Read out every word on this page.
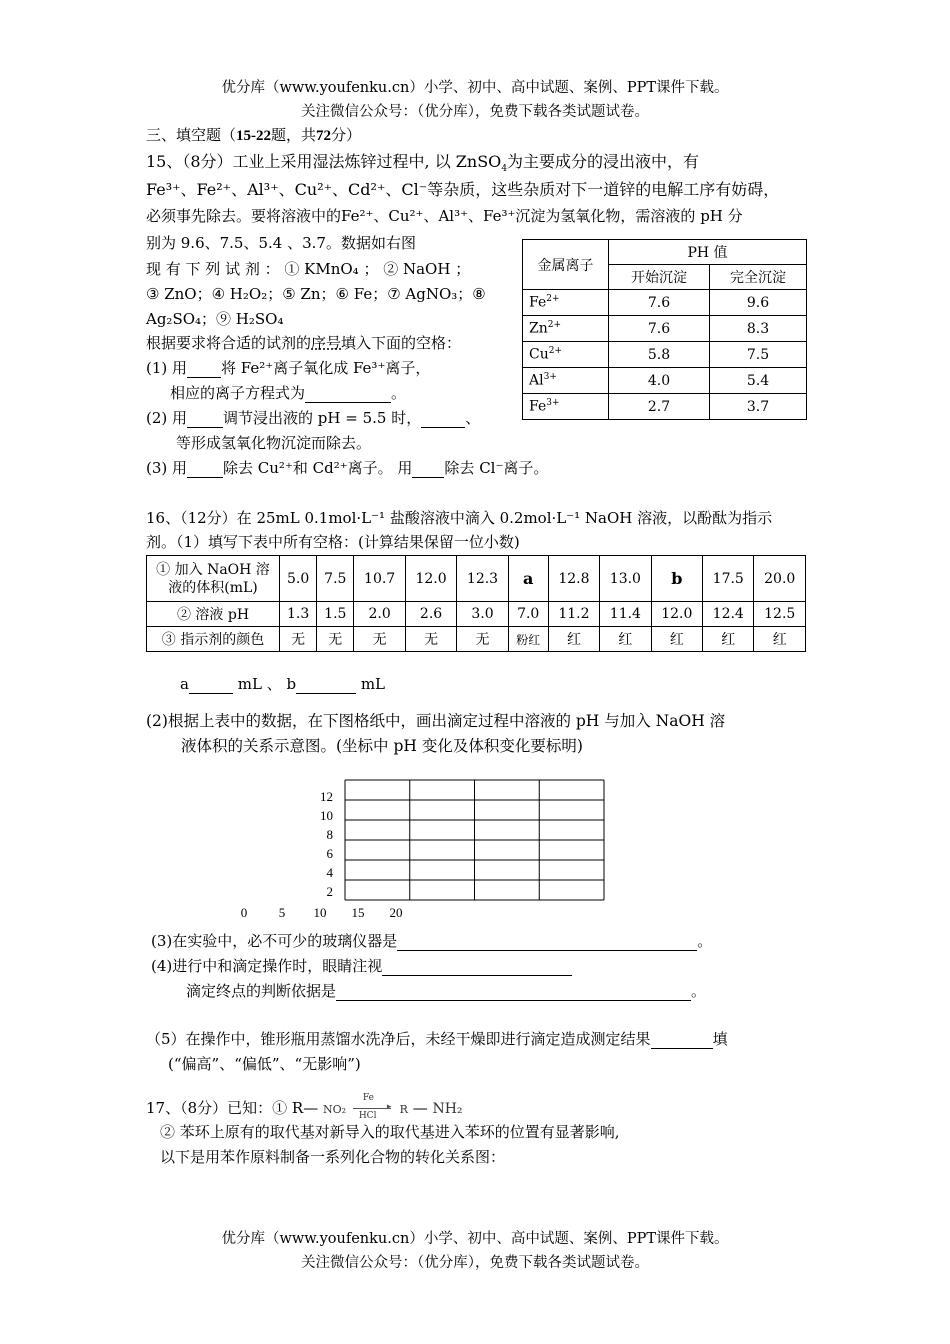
优分库（www.youfenku.cn）小学、初中、高中试题、案例、PPT课件下载。
关注微信公众号：（优分库），免费下载各类试题试卷。
三、填空题（15-22题，共72分）
15、（8分）工业上采用湿法炼锌过程中, 以 ZnSO$_4$为主要成分的浸出液中，有
Fe³⁺、Fe²⁺、Al³⁺、Cu²⁺、Cd²⁺、Cl⁻等杂质，这些杂质对下一道锌的电解工序有妨碍，
必须事先除去。要将溶液中的Fe²⁺、Cu²⁺、Al³⁺、Fe³⁺沉淀为氢氧化物，需溶液的 pH 分
别为 9.6、7.5、5.4 、3.7。数据如右图
现 有 下 列 试 剂 ： ① KMnO₄ ； ② NaOH ；
③ ZnO；④ H₂O₂；⑤ Zn；⑥ Fe；⑦ AgNO₃；⑧
Ag₂SO₄；⑨ H₂SO₄
根据要求将合适的试剂的序号填入下面的空格：
(1) 用 将 Fe²⁺离子氧化成 Fe³⁺离子，
相应的离子方程式为	。
(2) 用 调节浸出液的 pH = 5.5 时，	、
等形成氢氧化物沉淀而除去。
(3) 用 除去 Cu²⁺和 Cd²⁺离子。 用 除去 Cl⁻离子。
金属离子	PH 值	
	开始沉淀	完全沉淀
$Fe^{2+}$	7.6	9.6
$Zn^{2+}$	7.6	8.3
$Cu^{2+}$	5.8	7.5
$Al^{3+}$	4.0	5.4
$Fe^{3+}$	2.7	3.7
16、（12分）在 25mL 0.1mol·L⁻¹ 盐酸溶液中滴入 0.2mol·L⁻¹ NaOH 溶液，以酚酞为指示
剂。（1）填写下表中所有空格：(计算结果保留一位小数)
① 加入 NaOH 溶
液的体积(mL)	5.0	7.5	10.7	12.0	12.3	a	12.8	13.0	b	17.5	20.0
② 溶液 pH	1.3	1.5	2.0	2.6	3.0	7.0	11.2	11.4	12.0	12.4	12.5
③ 指示剂的颜色	无	无	无	无	无	粉红	红	红	红	红	红
a	mL 、 b	mL
(2)根据上表中的数据，在下图格纸中，画出滴定过程中溶液的 pH 与加入 NaOH 溶
液体积的关系示意图。(坐标中 pH 变化及体积变化要标明)
12
10
8
6
4
2
0 5 10 15 20
(3)在实验中，必不可少的玻璃仪器是	。
(4)进行中和滴定操作时，眼睛注视
滴定终点的判断依据是	。
（5）在操作中，锥形瓶用蒸馏水洗净后，未经干燥即进行滴定造成测定结果	填
(“偏高”、“偏低”、“无影响”)
17、（8分）已知：① R— NO₂
Fe
▸
HCl R — NH₂
② 苯环上原有的取代基对新导入的取代基进入苯环的位置有显著影响,
以下是用苯作原料制备一系列化合物的转化关系图：
优分库（www.youfenku.cn）小学、初中、高中试题、案例、PPT课件下载。
关注微信公众号：（优分库），免费下载各类试题试卷。
